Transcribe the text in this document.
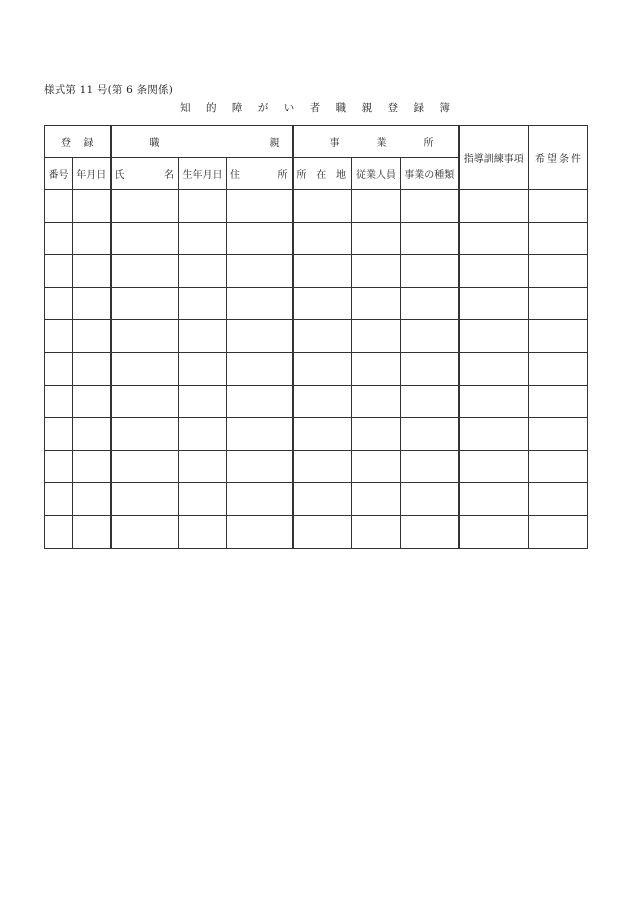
様式第 11 号(第 6 条関係)
知 的 障 が い 者 職 親 登 録 簿
登 録		職 親			事 業 所			指導訓練事項	希 望 条 件

番号	年月日	氏 名	生年月日	住 所	所 在 地	従業人員	事業の種類		
